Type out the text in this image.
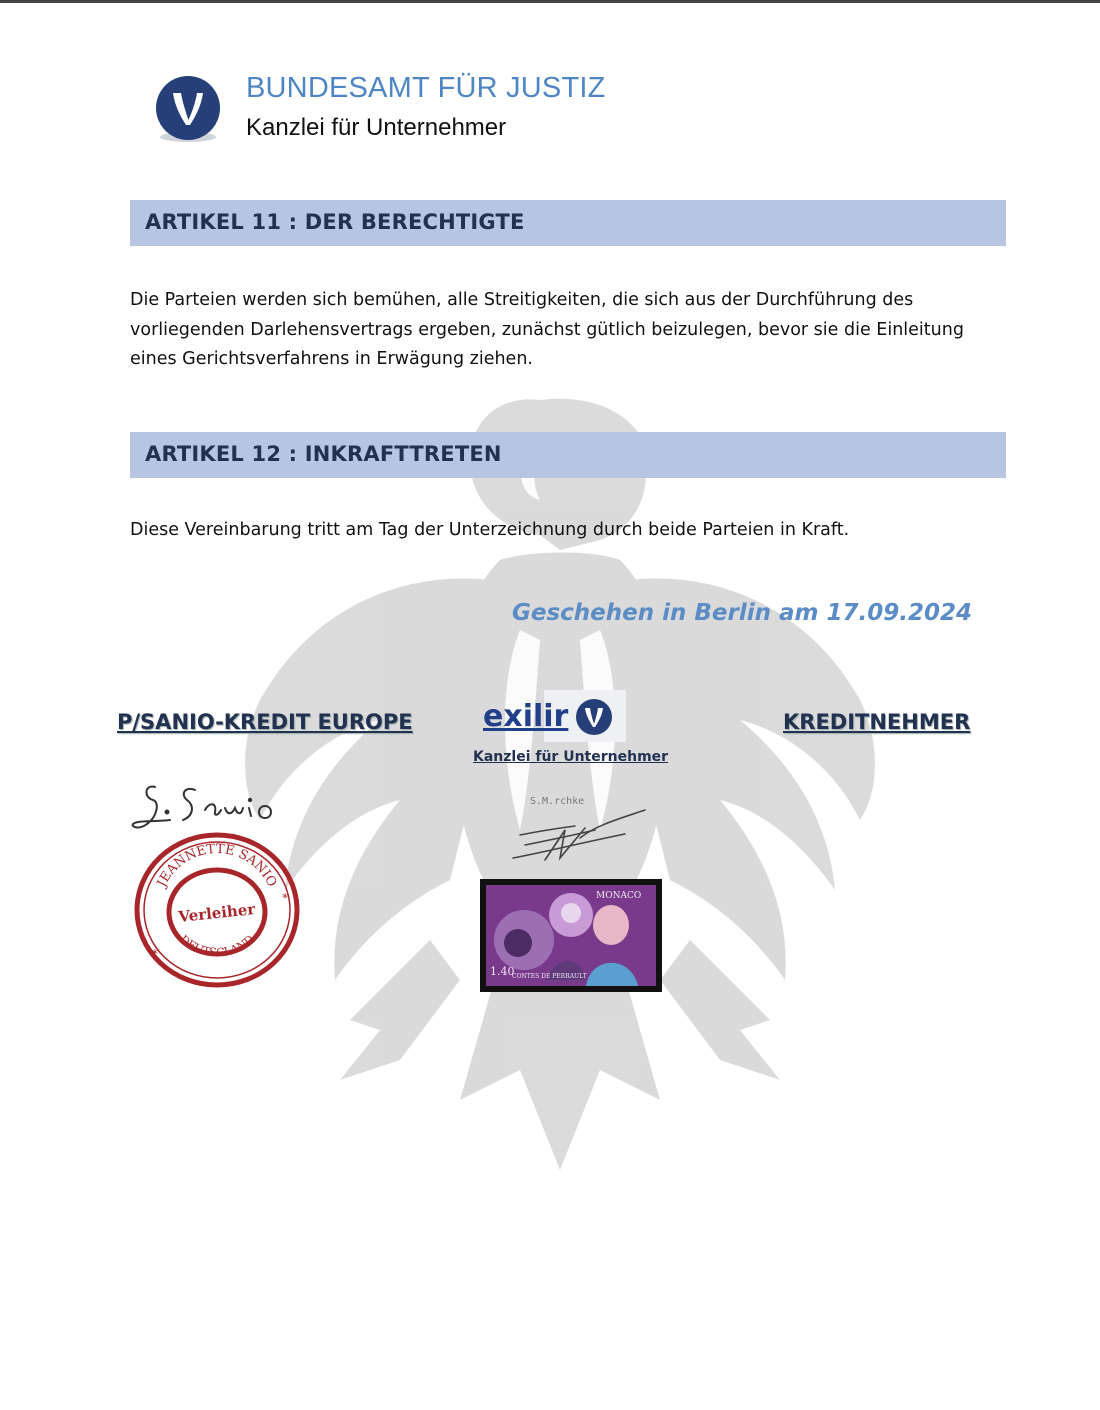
BUNDESAMT FÜR JUSTIZ
Kanzlei für Unternehmer
ARTIKEL 11 : DER BERECHTIGTE
Die Parteien werden sich bemühen, alle Streitigkeiten, die sich aus der Durchführung des vorliegenden Darlehensvertrags ergeben, zunächst gütlich beizulegen, bevor sie die Einleitung eines Gerichtsverfahrens in Erwägung ziehen.
ARTIKEL 12 : INKRAFTTRETEN
Diese Vereinbarung tritt am Tag der Unterzeichnung durch beide Parteien in Kraft.
Geschehen in Berlin am 17.09.2024
P/SANIO-KREDIT EUROPE exilir
Kanzlei für Unternehmer
KREDITNEHMER
S.M.rchke
JEANNETTE SANIO
DEUTSCLAND
*
*
Verleiher
MONACO
1.40
CONTES DE PERRAULT
